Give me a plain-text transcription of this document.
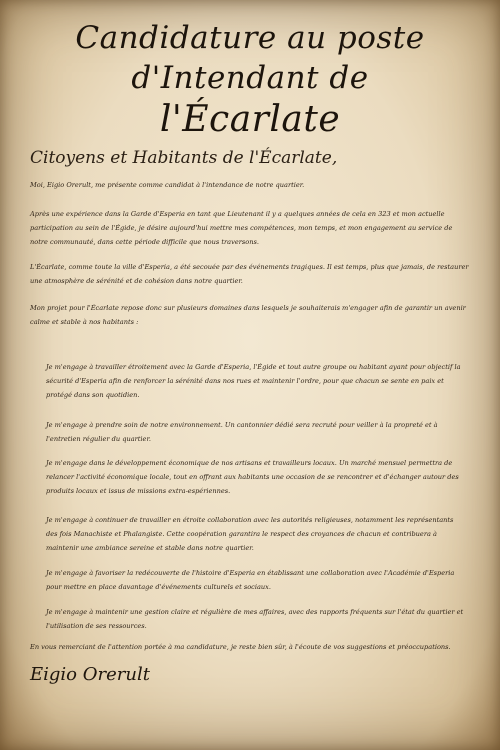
Candidature au poste d'Intendant de
l'Écarlate
Citoyens et Habitants de l'Écarlate,
Moi, Eigio Orerult, me présente comme candidat à l'intendance de notre quartier.
Après une expérience dans la Garde d'Esperia en tant que Lieutenant il y a quelques années de cela en 323 et mon actuelle participation au sein de l'Égide, je désire aujourd'hui mettre mes compétences, mon temps, et mon engagement au service de notre communauté, dans cette période difficile que nous traversons.
L'Écarlate, comme toute la ville d'Esperia, a été secouée par des événements tragiques. Il est temps, plus que jamais, de restaurer une atmosphère de sérénité et de cohésion dans notre quartier.
Mon projet pour l'Écarlate repose donc sur plusieurs domaines dans lesquels je souhaiterais m'engager afin de garantir un avenir calme et stable à nos habitants :
Je m'engage à travailler étroitement avec la Garde d'Esperia, l'Égide et tout autre groupe ou habitant ayant pour objectif la sécurité d'Esperia afin de renforcer la sérénité dans nos rues et maintenir l'ordre, pour que chacun se sente en paix et protégé dans son quotidien.
Je m'engage à prendre soin de notre environnement. Un cantonnier dédié sera recruté pour veiller à la propreté et à l'entretien régulier du quartier.
Je m'engage dans le développement économique de nos artisans et travailleurs locaux. Un marché mensuel permettra de relancer l'activité économique locale, tout en offrant aux habitants une occasion de se rencontrer et d'échanger autour des produits locaux et issus de missions extra-espériennes.
Je m'engage à continuer de travailler en étroite collaboration avec les autorités religieuses, notamment les représentants des fois Manachiste et Phalangiste. Cette coopération garantira le respect des croyances de chacun et contribuera à maintenir une ambiance sereine et stable dans notre quartier.
Je m'engage à favoriser la redécouverte de l'histoire d'Esperia en établissant une collaboration avec l'Académie d'Esperia pour mettre en place davantage d'événements culturels et sociaux.
Je m'engage à maintenir une gestion claire et régulière de mes affaires, avec des rapports fréquents sur l'état du quartier et l'utilisation de ses ressources.
En vous remerciant de l'attention portée à ma candidature, je reste bien sûr, à l'écoute de vos suggestions et préoccupations.
Eigio Orerult
